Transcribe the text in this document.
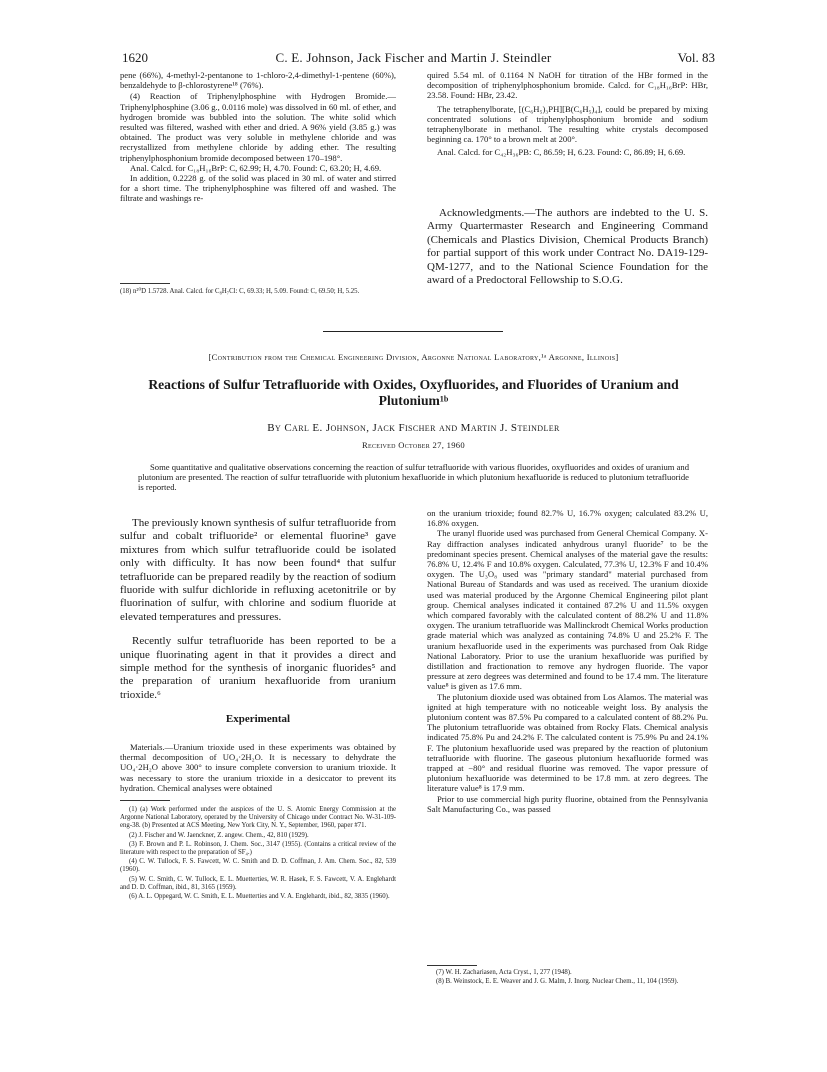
C. E. Johnson, Jack Fischer and Martin J. Steindler
1620	Vol. 83

pene (66%), 4-methyl-2-pentanone to 1-chloro-2,4-dimethyl-1-pentene (60%), benzaldehyde to β-chlorostyrene¹⁸ (76%).

(4) Reaction of Triphenylphosphine with Hydrogen Bromide.—Triphenylphosphine (3.06 g., 0.0116 mole) was dissolved in 60 ml. of ether, and hydrogen bromide was bubbled into the solution. The white solid which resulted was filtered, washed with ether and dried. A 96% yield (3.85 g.) was obtained. The product was very soluble in methylene chloride and was recrystallized from methylene chloride by adding ether. The resulting triphenylphosphonium bromide decomposed between 170–198°.

Anal. Calcd. for C₁₈H₁₆BrP: C, 62.99; H, 4.70. Found: C, 63.20; H, 4.69.

In addition, 0.2228 g. of the solid was placed in 30 ml. of water and stirred for a short time. The triphenylphosphine was filtered off and washed. The filtrate and washings re-

(18) n²⁰D 1.5728. Anal. Calcd. for C₈H₇Cl: C, 69.33; H, 5.09. Found: C, 69.50; H, 5.25.

quired 5.54 ml. of 0.1164 N NaOH for titration of the HBr formed in the decomposition of triphenylphosphonium bromide. Calcd. for C₁₈H₁₆BrP: HBr, 23.58. Found: HBr, 23.42.

The tetraphenylborate, [(C₆H₅)₃PH][B(C₆H₅)₄], could be prepared by mixing concentrated solutions of triphenylphosphonium bromide and sodium tetraphenylborate in methanol. The resulting white crystals decomposed beginning ca. 170° to a brown melt at 200°.

Anal. Calcd. for C₄₂H₃₆PB: C, 86.59; H, 6.23. Found: C, 86.89; H, 6.69.

Acknowledgments.—The authors are indebted to the U. S. Army Quartermaster Research and Engineering Command (Chemicals and Plastics Division, Chemical Products Branch) for partial support of this work under Contract No. DA19-129-QM-1277, and to the National Science Foundation for the award of a Predoctoral Fellowship to S.O.G.

[Contribution from the Chemical Engineering Division, Argonne National Laboratory,¹ᵃ Argonne, Illinois]
Reactions of Sulfur Tetrafluoride with Oxides, Oxyfluorides, and Fluorides of Uranium and Plutonium¹ᵇ
By Carl E. Johnson, Jack Fischer and Martin J. Steindler
Received October 27, 1960
Some quantitative and qualitative observations concerning the reaction of sulfur tetrafluoride with various fluorides, oxyfluorides and oxides of uranium and plutonium are presented. The reaction of sulfur tetrafluoride with plutonium hexafluoride in which plutonium hexafluoride is reduced to plutonium tetrafluoride is reported.

The previously known synthesis of sulfur tetrafluoride from sulfur and cobalt trifluoride² or elemental fluorine³ gave mixtures from which sulfur tetrafluoride could be isolated only with difficulty. It has now been found⁴ that sulfur tetrafluoride can be prepared readily by the reaction of sodium fluoride with sulfur dichloride in refluxing acetonitrile or by fluorination of sulfur, with chlorine and sodium fluoride at elevated temperatures and pressures.

Recently sulfur tetrafluoride has been reported to be a unique fluorinating agent in that it provides a direct and simple method for the synthesis of inorganic fluorides⁵ and the preparation of uranium hexafluoride from uranium trioxide.⁶

Experimental

Materials.—Uranium trioxide used in these experiments was obtained by thermal decomposition of UO₄·2H₂O. It is necessary to dehydrate the UO₄·2H₂O above 300° to insure complete conversion to uranium trioxide. It was necessary to store the uranium trioxide in a desiccator to prevent its hydration. Chemical analyses were obtained

(1) (a) Work performed under the auspices of the U. S. Atomic Energy Commission at the Argonne National Laboratory, operated by the University of Chicago under Contract No. W-31-109-eng-38. (b) Presented at ACS Meeting, New York City, N. Y., September, 1960, paper #71.

(2) J. Fischer and W. Jaenckner, Z. angew. Chem., 42, 810 (1929).

(3) F. Brown and P. L. Robinson, J. Chem. Soc., 3147 (1955). (Contains a critical review of the literature with respect to the preparation of SF₄.)

(4) C. W. Tullock, F. S. Fawcett, W. C. Smith and D. D. Coffman, J. Am. Chem. Soc., 82, 539 (1960).

(5) W. C. Smith, C. W. Tullock, E. L. Muetterties, W. R. Hasek, F. S. Fawcett, V. A. Englehardt and D. D. Coffman, ibid., 81, 3165 (1959).

(6) A. L. Oppegard, W. C. Smith, E. L. Muetterties and V. A. Englehardt, ibid., 82, 3835 (1960).

on the uranium trioxide; found 82.7% U, 16.7% oxygen; calculated 83.2% U, 16.8% oxygen.

The uranyl fluoride used was purchased from General Chemical Company. X-Ray diffraction analyses indicated anhydrous uranyl fluoride⁷ to be the predominant species present. Chemical analyses of the material gave the results: 76.8% U, 12.4% F and 10.8% oxygen. Calculated, 77.3% U, 12.3% F and 10.4% oxygen. The U₃O₈ used was "primary standard" material purchased from National Bureau of Standards and was used as received. The uranium dioxide used was material produced by the Argonne Chemical Engineering pilot plant group. Chemical analyses indicated it contained 87.2% U and 11.5% oxygen which compared favorably with the calculated content of 88.2% U and 11.8% oxygen. The uranium tetrafluoride was Mallinckrodt Chemical Works production grade material which was analyzed as containing 74.8% U and 25.2% F. The uranium hexafluoride used in the experiments was purchased from Oak Ridge National Laboratory. Prior to use the uranium hexafluoride was purified by distillation and fractionation to remove any hydrogen fluoride. The vapor pressure at zero degrees was determined and found to be 17.4 mm. The literature value⁸ is given as 17.6 mm.

The plutonium dioxide used was obtained from Los Alamos. The material was ignited at high temperature with no noticeable weight loss. By analysis the plutonium content was 87.5% Pu compared to a calculated content of 88.2% Pu. The plutonium tetrafluoride was obtained from Rocky Flats. Chemical analysis indicated 75.8% Pu and 24.2% F. The calculated content is 75.9% Pu and 24.1% F. The plutonium hexafluoride used was prepared by the reaction of plutonium tetrafluoride with fluorine. The gaseous plutonium hexafluoride formed was trapped at −80° and residual fluorine was removed. The vapor pressure of plutonium hexafluoride was determined to be 17.8 mm. at zero degrees. The literature value⁸ is 17.9 mm.

Prior to use commercial high purity fluorine, obtained from the Pennsylvania Salt Manufacturing Co., was passed

(7) W. H. Zachariasen, Acta Cryst., 1, 277 (1948).

(8) B. Weinstock, E. E. Weaver and J. G. Malm, J. Inorg. Nuclear Chem., 11, 104 (1959).
